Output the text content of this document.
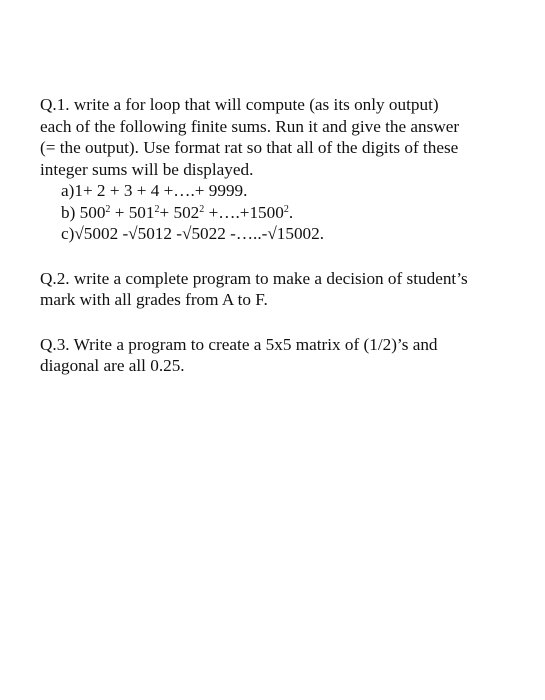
Q.1. write a for loop that will compute (as its only output)
each of the following finite sums. Run it and give the answer
(= the output). Use format rat so that all of the digits of these
integer sums will be displayed.
a)1+ 2 + 3 + 4 +….+ 9999.
b) $500^2 + 501^2+ 502^2$ $+\dots.+1500^2$.
c)√5002 -√5012 -√5022 -…..-√15002.
Q.2. write a complete program to make a decision of student’s
mark with all grades from A to F.
Q.3. Write a program to create a 5x5 matrix of (1/2)’s and
diagonal are all 0.25.
